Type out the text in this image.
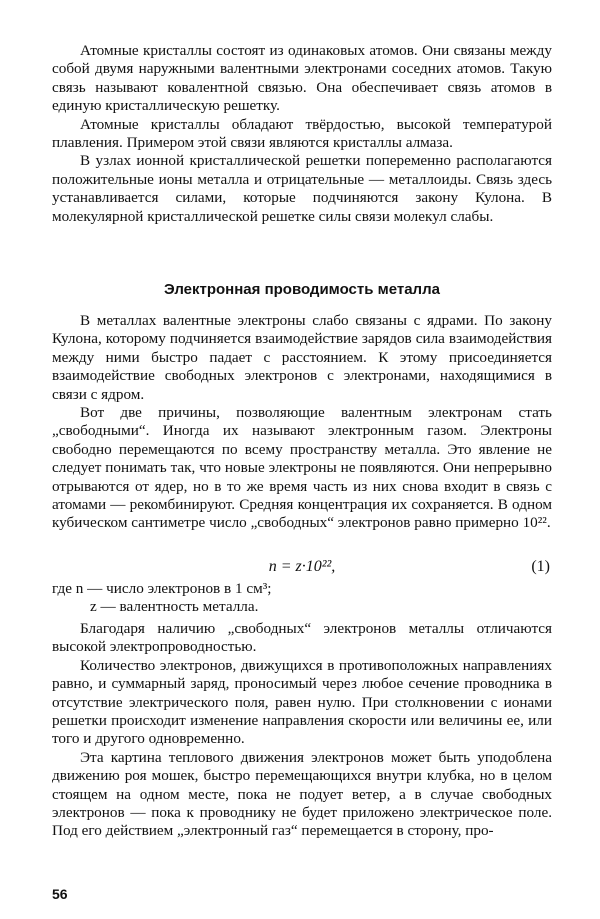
Атомные кристаллы состоят из одинаковых атомов. Они связаны между собой двумя наружными валентными электронами соседних атомов. Такую связь называют ковалентной связью. Она обеспечивает связь атомов в единую кристаллическую решетку.

Атомные кристаллы обладают твёрдостью, высокой температурой плавления. Примером этой связи являются кристаллы алмаза.

В узлах ионной кристаллической решетки попеременно располагаются положительные ионы металла и отрицательные — металлоиды. Связь здесь устанавливается силами, которые подчиняются закону Кулона. В молекулярной кристаллической решетке силы связи молекул слабы.

Электронная проводимость металла

В металлах валентные электроны слабо связаны с ядрами. По закону Кулона, которому подчиняется взаимодействие зарядов сила взаимодействия между ними быстро падает с расстоянием. К этому присоединяется взаимодействие свободных электронов с электронами, находящимися в связи с ядром.

Вот две причины, позволяющие валентным электронам стать „свободными“. Иногда их называют электронным газом. Электроны свободно перемещаются по всему пространству металла. Это явление не следует понимать так, что новые электроны не появляются. Они непрерывно отрываются от ядер, но в то же время часть из них снова входит в связь с атомами — рекомбинируют. Средняя концентрация их сохраняется. В одном кубическом сантиметре число „свободных“ электронов равно примерно 10²².

n = z·10²²,	(1)
где n — число электронов в 1 см³;
z — валентность металла.

Благодаря наличию „свободных“ электронов металлы отличаются высокой электропроводностью.

Количество электронов, движущихся в противоположных направлениях равно, и суммарный заряд, проносимый через любое сечение проводника в отсутствие электрического поля, равен нулю. При столкновении с ионами решетки происходит изменение направления скорости или величины ее, или того и другого одновременно.

Эта картина теплового движения электронов может быть уподоблена движению роя мошек, быстро перемещающихся внутри клубка, но в целом стоящем на одном месте, пока не подует ветер, а в случае свободных электронов — пока к проводнику не будет приложено электрическое поле. Под его действием „электронный газ“ перемещается в сторону, про-

56
